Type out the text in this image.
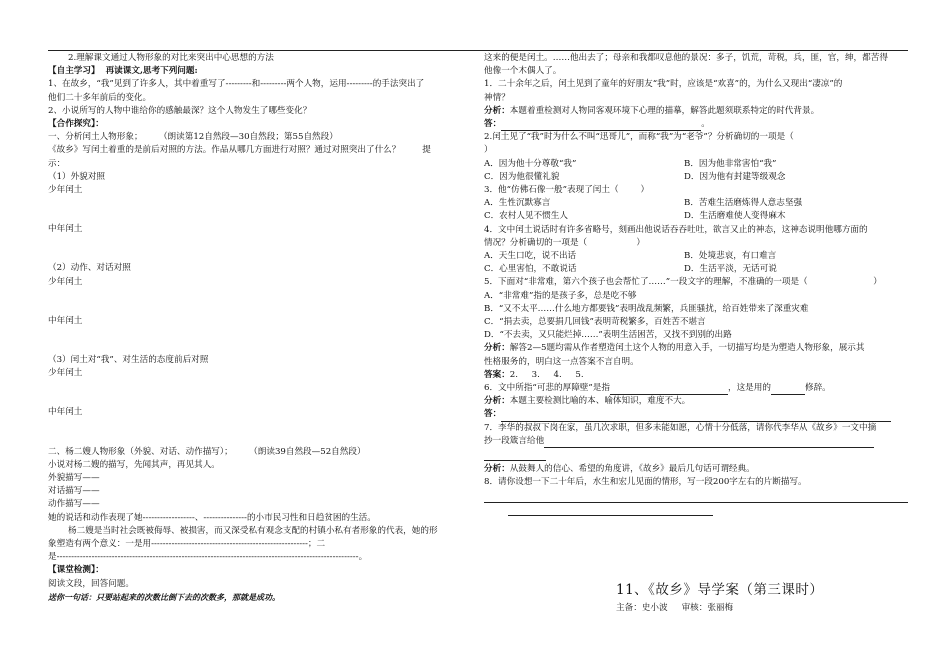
2.理解课文通过人物形象的对比来突出中心思想的方法
【自主学习】 再读课文,思考下列问题:
1、在故乡，“我”见到了许多人，其中着重写了---------和---------两个人物，运用---------的手法突出了
他们二十多年前后的变化。
2、小说所写的人物中谁给你的感触最深？这个人物发生了哪些变化？
【合作探究】：
一、分析闰土人物形象； （朗读第12自然段—30自然段；第55自然段）
《故乡》写闰土着重的是前后对照的方法。作品从哪几方面进行对照？通过对照突出了什么？	提
示：
（1）外貌对照
少年闰土
中年闰土
（2）动作、对话对照
少年闰土
中年闰土
（3）闰土对“我”、对生活的态度前后对照
少年闰土
中年闰土
二、杨二嫂人物形象（外貌、对话、动作描写）； （朗读39自然段—52自然段）
小说对杨二嫂的描写，先闻其声，再见其人。
外貌描写——
对话描写——
动作描写——
她的说话和动作表现了她------------------、---------------的小市民习性和日趋贫困的生活。
杨二嫂是当时社会既被侮辱、被损害，而又深受私有观念支配的村镇小私有者形象的代表，她的形
象塑造有两个意义：一是用------------------------------------------------------；二
是--------------------------------------------------------------------------------------------------------。
【课堂检测】：
阅读文段，回答问题。
送你一句话：只要站起来的次数比倒下去的次数多，那就是成功。
这来的便是闰土。……他出去了；母亲和我都叹息他的景况：多子，饥荒，苛税，兵，匪，官，绅，都苦得
他像一个木偶人了。
1．二十余年之后，闰土见到了童年的好朋友“我”时，应该是“欢喜”的，为什么又现出“凄凉”的
神情？
分析：本题着重检测对人物同客观环境下心理的描摹，解答此题须联系特定的时代背景。
答：	。
2.闰土见了“我”时为什么不叫“迅哥儿”，而称“我”为“老爷”？分析确切的一项是（
）
A．因为他十分尊敬“我”	B．因为他非常害怕“我”
C．因为他很懂礼貌	D．因为他有封建等级观念
3．他“仿佛石像一般”表现了闰土（	）
A．生性沉默寡言	B．苦难生活磨炼得人意志坚强
C．农村人见不惯生人	D．生活磨难使人变得麻木
4．文中闰土说话时有许多省略号，刻画出他说话吞吞吐吐，欲言又止的神态，这神态说明他哪方面的
情况？分析确切的一项是（	）
A．天生口吃，说不出话	B．处境悲哀，有口难言
C．心里害怕，不敢说话	D．生活平淡，无话可说
5．下面对“非常难，第六个孩子也会帮忙了……”一段文字的理解，不准确的一项是（	）
A．“非常难”指的是孩子多，总是吃不够
B．“又不太平……什么地方都要钱”表明战乱频繁，兵匪骚扰，给百姓带来了深重灾难
C．“捐去卖，总要捐几回钱”表明苛税繁多，百姓苦不堪言
D．“不去卖，又只能烂掉……”表明生活困苦，又找不到别的出路
分析：解答2—5题均需从作者塑造闰土这个人物的用意入手，一切描写均是为塑造人物形象，展示其
性格服务的，明白这一点答案不言自明。
答案：2.     3.     4.     5.
6．文中所指“可悲的厚障壁”是指	，这是用的	修辞。
分析：本题主要检测比喻的本、喻体知识，难度不大。
答：
7．李华的叔叔下岗在家，虽几次求职，但多未能如愿，心情十分低落，请你代李华从《故乡》一文中摘
抄一段箴言给他
分析：从鼓舞人的信心、希望的角度讲，《故乡》最后几句话可谓经典。
8．请你设想一下二十年后，水生和宏儿见面的情形，写一段200字左右的片断描写。
11、《故乡》导学案（第三课时）
主备：史小波 审核：张丽梅
